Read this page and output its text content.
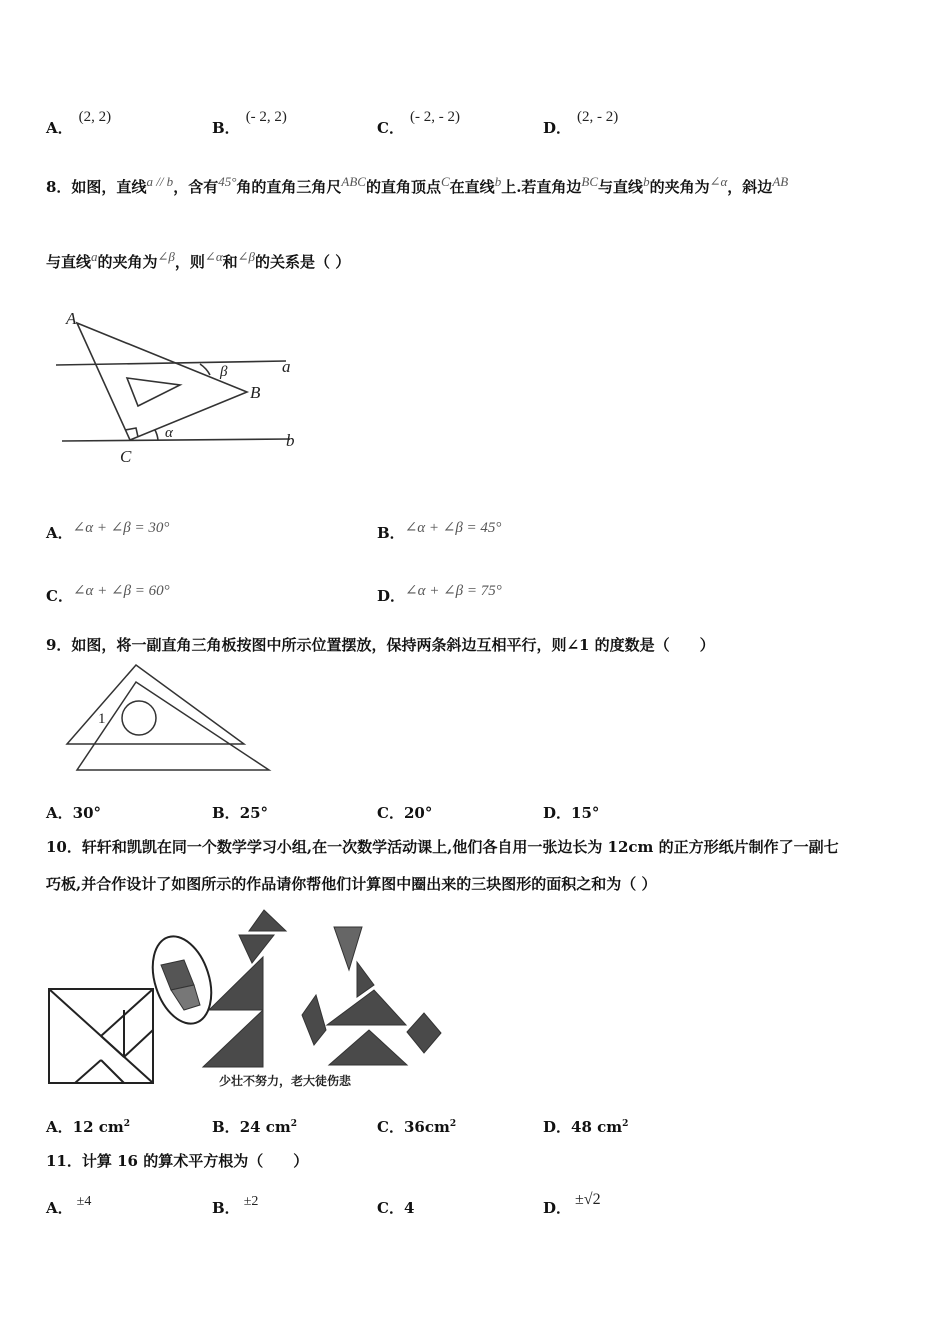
A．(2, 2)
B．(- 2, 2)
C．(- 2, - 2)
D．(2, - 2)
8．如图，直线a // b，含有45°角的直角三角尺ABC的直角顶点C在直线b上.若直角边BC与直线b的夹角为∠α，斜边AB
与直线a的夹角为∠β，则∠α和∠β的关系是（ ）
A
B
C
a
b
α
β
A．∠α + ∠β = 30°	B．∠α + ∠β = 45°
C．∠α + ∠β = 60°	D．∠α + ∠β = 75°
9．如图，将一副直角三角板按图中所示位置摆放，保持两条斜边互相平行，则∠1 的度数是（　　）
1
A．30°	B．25°	C．20°	D．15°
10．轩轩和凯凯在同一个数学学习小组,在一次数学活动课上,他们各自用一张边长为 12cm 的正方形纸片制作了一副七
巧板,并合作设计了如图所示的作品请你帮他们计算图中圈出来的三块图形的面积之和为（ ）
少壮不努力，老大徒伤悲
A．12 $cm^2$	B．24 $cm^2$	C．$36cm^2$	D．48 $cm^2$
11．计算 16 的算术平方根为（　　）
A． ±4	B． ±2	C．4	D． ±√2
